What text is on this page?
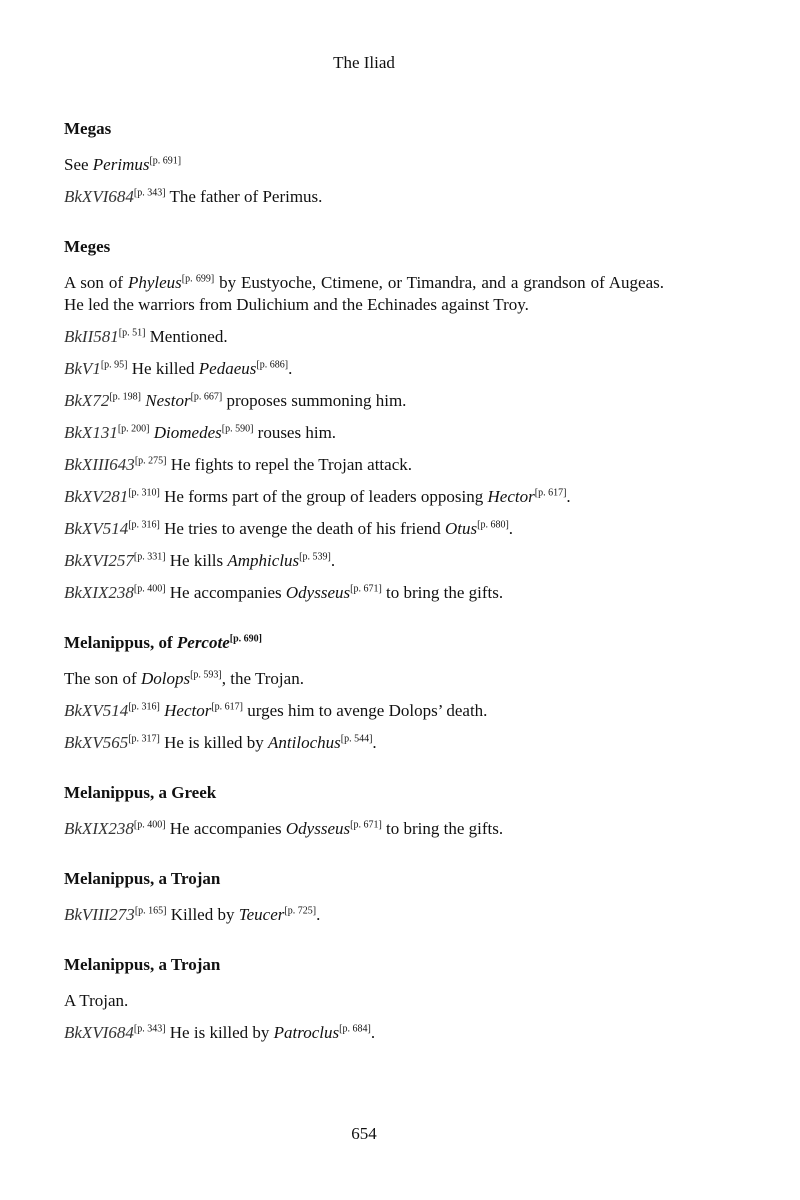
The Iliad
Megas
See Perimus[p. 691]
BkXVI684[p. 343] The father of Perimus.
Meges
A son of Phyleus[p. 699] by Eustyoche, Ctimene, or Timandra, and a grandson of Augeas. He led the warriors from Dulichium and the Echinades against Troy.
BkII581[p. 51] Mentioned.
BkV1[p. 95] He killed Pedaeus[p. 686].
BkX72[p. 198] Nestor[p. 667] proposes summoning him.
BkX131[p. 200] Diomedes[p. 590] rouses him.
BkXIII643[p. 275] He fights to repel the Trojan attack.
BkXV281[p. 310] He forms part of the group of leaders opposing Hector[p. 617].
BkXV514[p. 316] He tries to avenge the death of his friend Otus[p. 680].
BkXVI257[p. 331] He kills Amphiclus[p. 539].
BkXIX238[p. 400] He accompanies Odysseus[p. 671] to bring the gifts.
Melanippus, of Percote[p. 690]
The son of Dolops[p. 593], the Trojan.
BkXV514[p. 316] Hector[p. 617] urges him to avenge Dolops’ death.
BkXV565[p. 317] He is killed by Antilochus[p. 544].
Melanippus, a Greek
BkXIX238[p. 400] He accompanies Odysseus[p. 671] to bring the gifts.
Melanippus, a Trojan
BkVIII273[p. 165] Killed by Teucer[p. 725].
Melanippus, a Trojan
A Trojan.
BkXVI684[p. 343] He is killed by Patroclus[p. 684].
654
